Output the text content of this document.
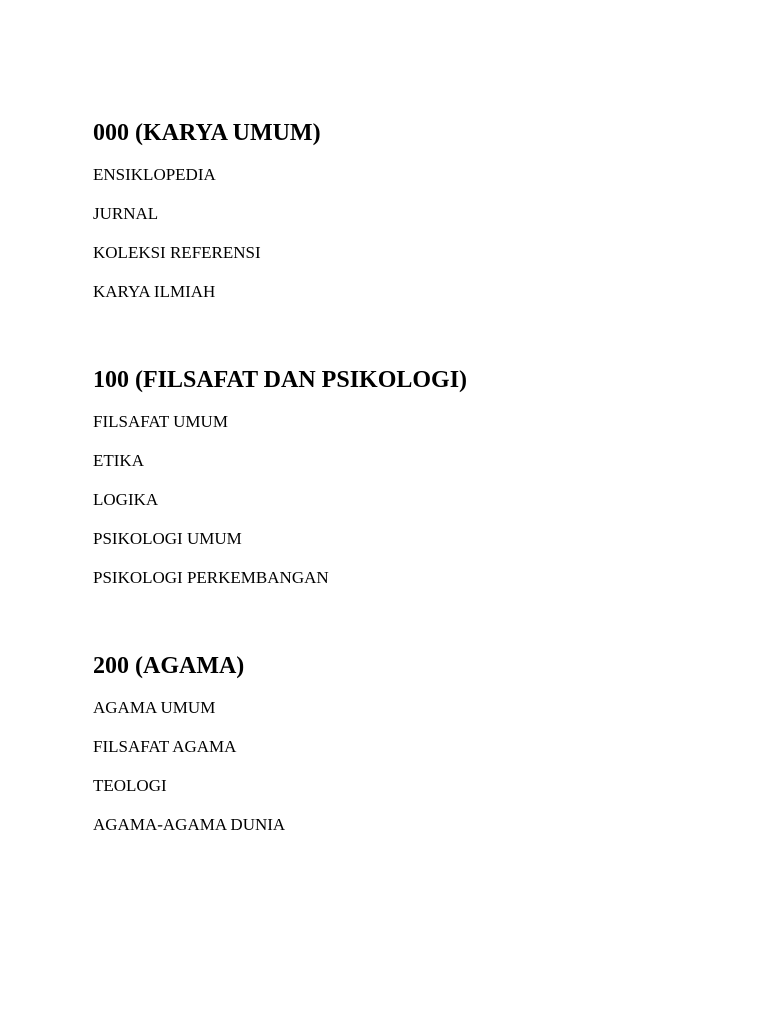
000 (KARYA UMUM)
ENSIKLOPEDIA
JURNAL
KOLEKSI REFERENSI
KARYA ILMIAH
100 (FILSAFAT DAN PSIKOLOGI)
FILSAFAT UMUM
ETIKA
LOGIKA
PSIKOLOGI UMUM
PSIKOLOGI PERKEMBANGAN
200 (AGAMA)
AGAMA UMUM
FILSAFAT AGAMA
TEOLOGI
AGAMA-AGAMA DUNIA
